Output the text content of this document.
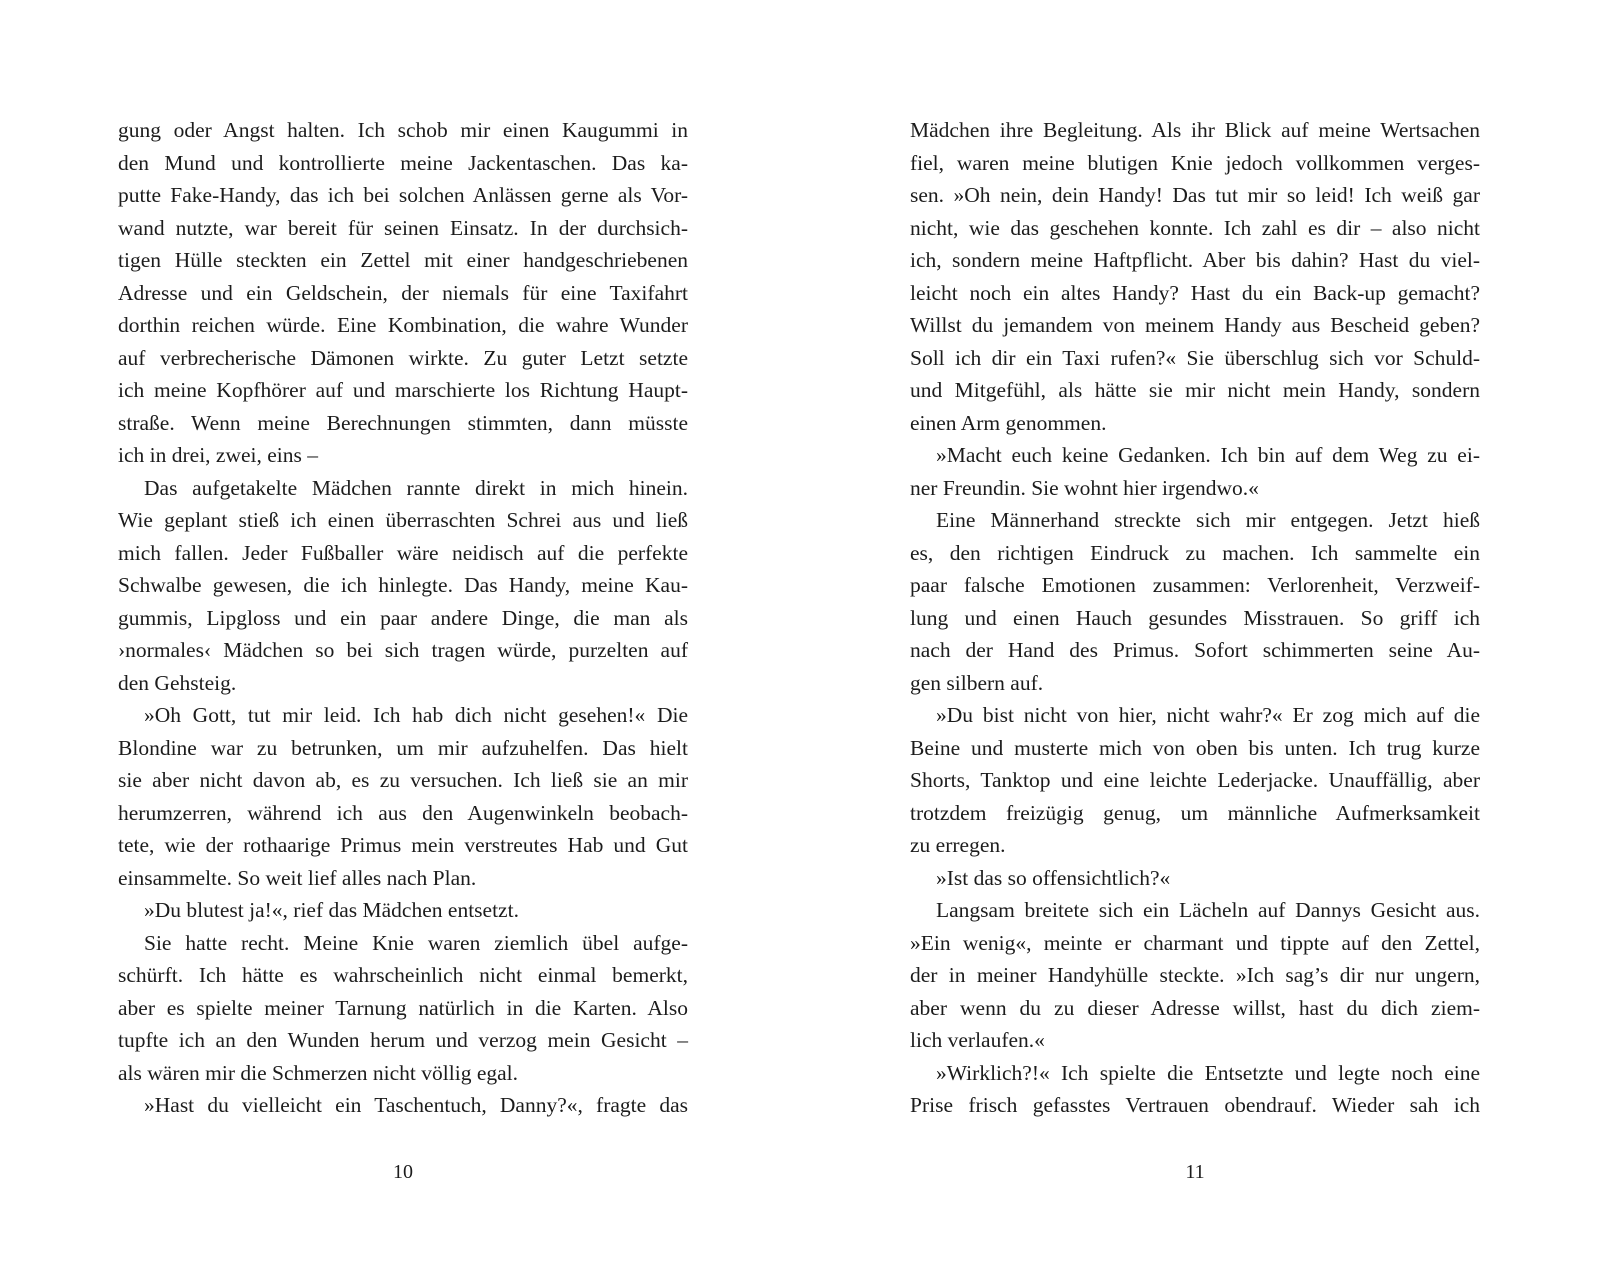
gung oder Angst halten. Ich schob mir einen Kaugummi in
den Mund und kontrollierte meine Jackentaschen. Das ka-
putte Fake-Handy, das ich bei solchen Anlässen gerne als Vor-
wand nutzte, war bereit für seinen Einsatz. In der durchsich-
tigen Hülle steckten ein Zettel mit einer handgeschriebenen
Adresse und ein Geldschein, der niemals für eine Taxifahrt
dorthin reichen würde. Eine Kombination, die wahre Wunder
auf verbrecherische Dämonen wirkte. Zu guter Letzt setzte
ich meine Kopfhörer auf und marschierte los Richtung Haupt-
straße. Wenn meine Berechnungen stimmten, dann müsste
ich in drei, zwei, eins –
Das aufgetakelte Mädchen rannte direkt in mich hinein.
Wie geplant stieß ich einen überraschten Schrei aus und ließ
mich fallen. Jeder Fußballer wäre neidisch auf die perfekte
Schwalbe gewesen, die ich hinlegte. Das Handy, meine Kau-
gummis, Lipgloss und ein paar andere Dinge, die man als
›normales‹ Mädchen so bei sich tragen würde, purzelten auf
den Gehsteig.
»Oh Gott, tut mir leid. Ich hab dich nicht gesehen!« Die
Blondine war zu betrunken, um mir aufzuhelfen. Das hielt
sie aber nicht davon ab, es zu versuchen. Ich ließ sie an mir
herumzerren, während ich aus den Augenwinkeln beobach-
tete, wie der rothaarige Primus mein verstreutes Hab und Gut
einsammelte. So weit lief alles nach Plan.
»Du blutest ja!«, rief das Mädchen entsetzt.
Sie hatte recht. Meine Knie waren ziemlich übel aufge-
schürft. Ich hätte es wahrscheinlich nicht einmal bemerkt,
aber es spielte meiner Tarnung natürlich in die Karten. Also
tupfte ich an den Wunden herum und verzog mein Gesicht –
als wären mir die Schmerzen nicht völlig egal.
»Hast du vielleicht ein Taschentuch, Danny?«, fragte das
10
Mädchen ihre Begleitung. Als ihr Blick auf meine Wertsachen
fiel, waren meine blutigen Knie jedoch vollkommen verges-
sen. »Oh nein, dein Handy! Das tut mir so leid! Ich weiß gar
nicht, wie das geschehen konnte. Ich zahl es dir – also nicht
ich, sondern meine Haftpflicht. Aber bis dahin? Hast du viel-
leicht noch ein altes Handy? Hast du ein Back-up gemacht?
Willst du jemandem von meinem Handy aus Bescheid geben?
Soll ich dir ein Taxi rufen?« Sie überschlug sich vor Schuld-
und Mitgefühl, als hätte sie mir nicht mein Handy, sondern
einen Arm genommen.
»Macht euch keine Gedanken. Ich bin auf dem Weg zu ei-
ner Freundin. Sie wohnt hier irgendwo.«
Eine Männerhand streckte sich mir entgegen. Jetzt hieß
es, den richtigen Eindruck zu machen. Ich sammelte ein
paar falsche Emotionen zusammen: Verlorenheit, Verzweif-
lung und einen Hauch gesundes Misstrauen. So griff ich
nach der Hand des Primus. Sofort schimmerten seine Au-
gen silbern auf.
»Du bist nicht von hier, nicht wahr?« Er zog mich auf die
Beine und musterte mich von oben bis unten. Ich trug kurze
Shorts, Tanktop und eine leichte Lederjacke. Unauffällig, aber
trotzdem freizügig genug, um männliche Aufmerksamkeit
zu erregen.
»Ist das so offensichtlich?«
Langsam breitete sich ein Lächeln auf Dannys Gesicht aus.
»Ein wenig«, meinte er charmant und tippte auf den Zettel,
der in meiner Handyhülle steckte. »Ich sag’s dir nur ungern,
aber wenn du zu dieser Adresse willst, hast du dich ziem-
lich verlaufen.«
»Wirklich?!« Ich spielte die Entsetzte und legte noch eine
Prise frisch gefasstes Vertrauen obendrauf. Wieder sah ich
11
